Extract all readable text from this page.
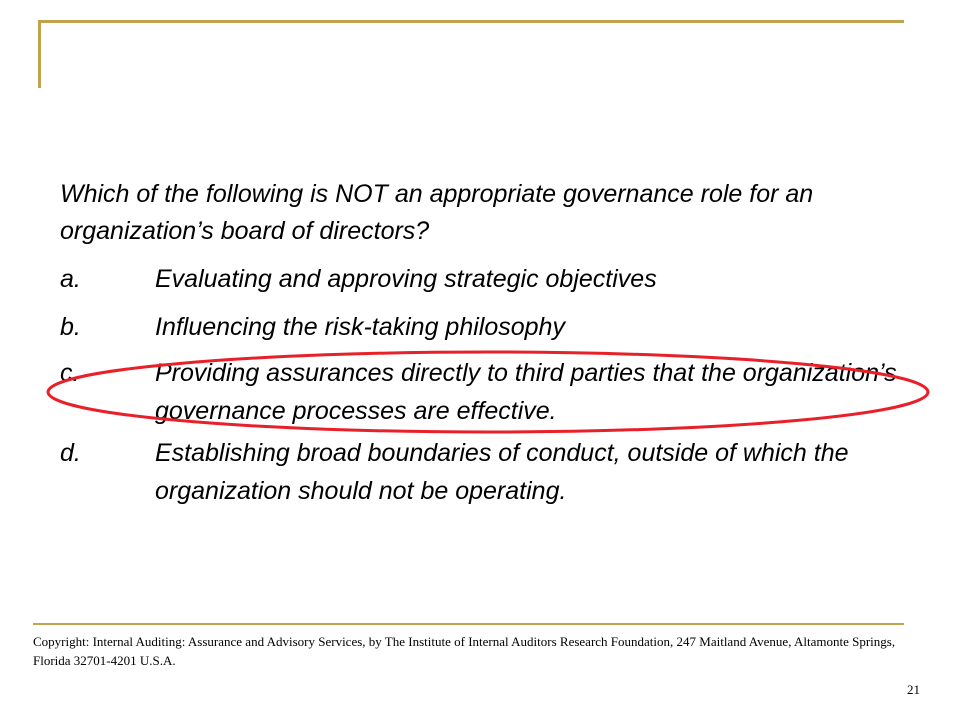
Which of the following is NOT an appropriate governance role for an organization’s board of directors?
a.	Evaluating and approving strategic objectives
b.	Influencing the risk-taking philosophy
c.	Providing assurances directly to third parties that the organization’s governance processes are effective.
d.	Establishing broad boundaries of conduct, outside of which the organization should not be operating.
Copyright: Internal Auditing: Assurance and Advisory Services, by The Institute of Internal Auditors Research Foundation, 247 Maitland Avenue, Altamonte Springs, Florida 32701-4201 U.S.A.
21
